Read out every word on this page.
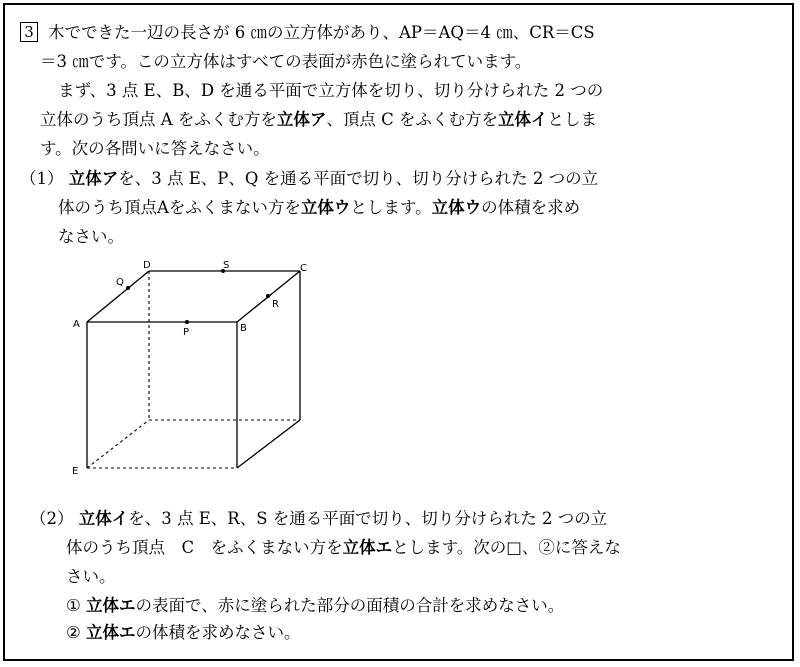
3 木でできた一辺の長さが 6 ㎝の立方体があり、AP＝AQ＝4 ㎝、CR＝CS
＝3 ㎝です。この立方体はすべての表面が赤色に塗られています。
まず、3 点 E、B、D を通る平面で立方体を切り、切り分けられた 2 つの
立体のうち頂点 A をふくむ方を立体ア、頂点 C をふくむ方を立体イとしま
す。次の各問いに答えなさい。
（1） 立体アを、3 点 E、P、Q を通る平面で切り、切り分けられた 2 つの立
体のうち頂点Aをふくまない方を立体ウとします。立体ウの体積を求め
なさい。
A	B
C
D
E
P
Q
R
S
（2） 立体イを、3 点 E、R、S を通る平面で切り、切り分けられた 2 つの立
体のうち頂点　C　をふくまない方を立体エとします。次の□、②に答えな
さい。
① 立体エの表面で、赤に塗られた部分の面積の合計を求めなさい。
② 立体エの体積を求めなさい。
